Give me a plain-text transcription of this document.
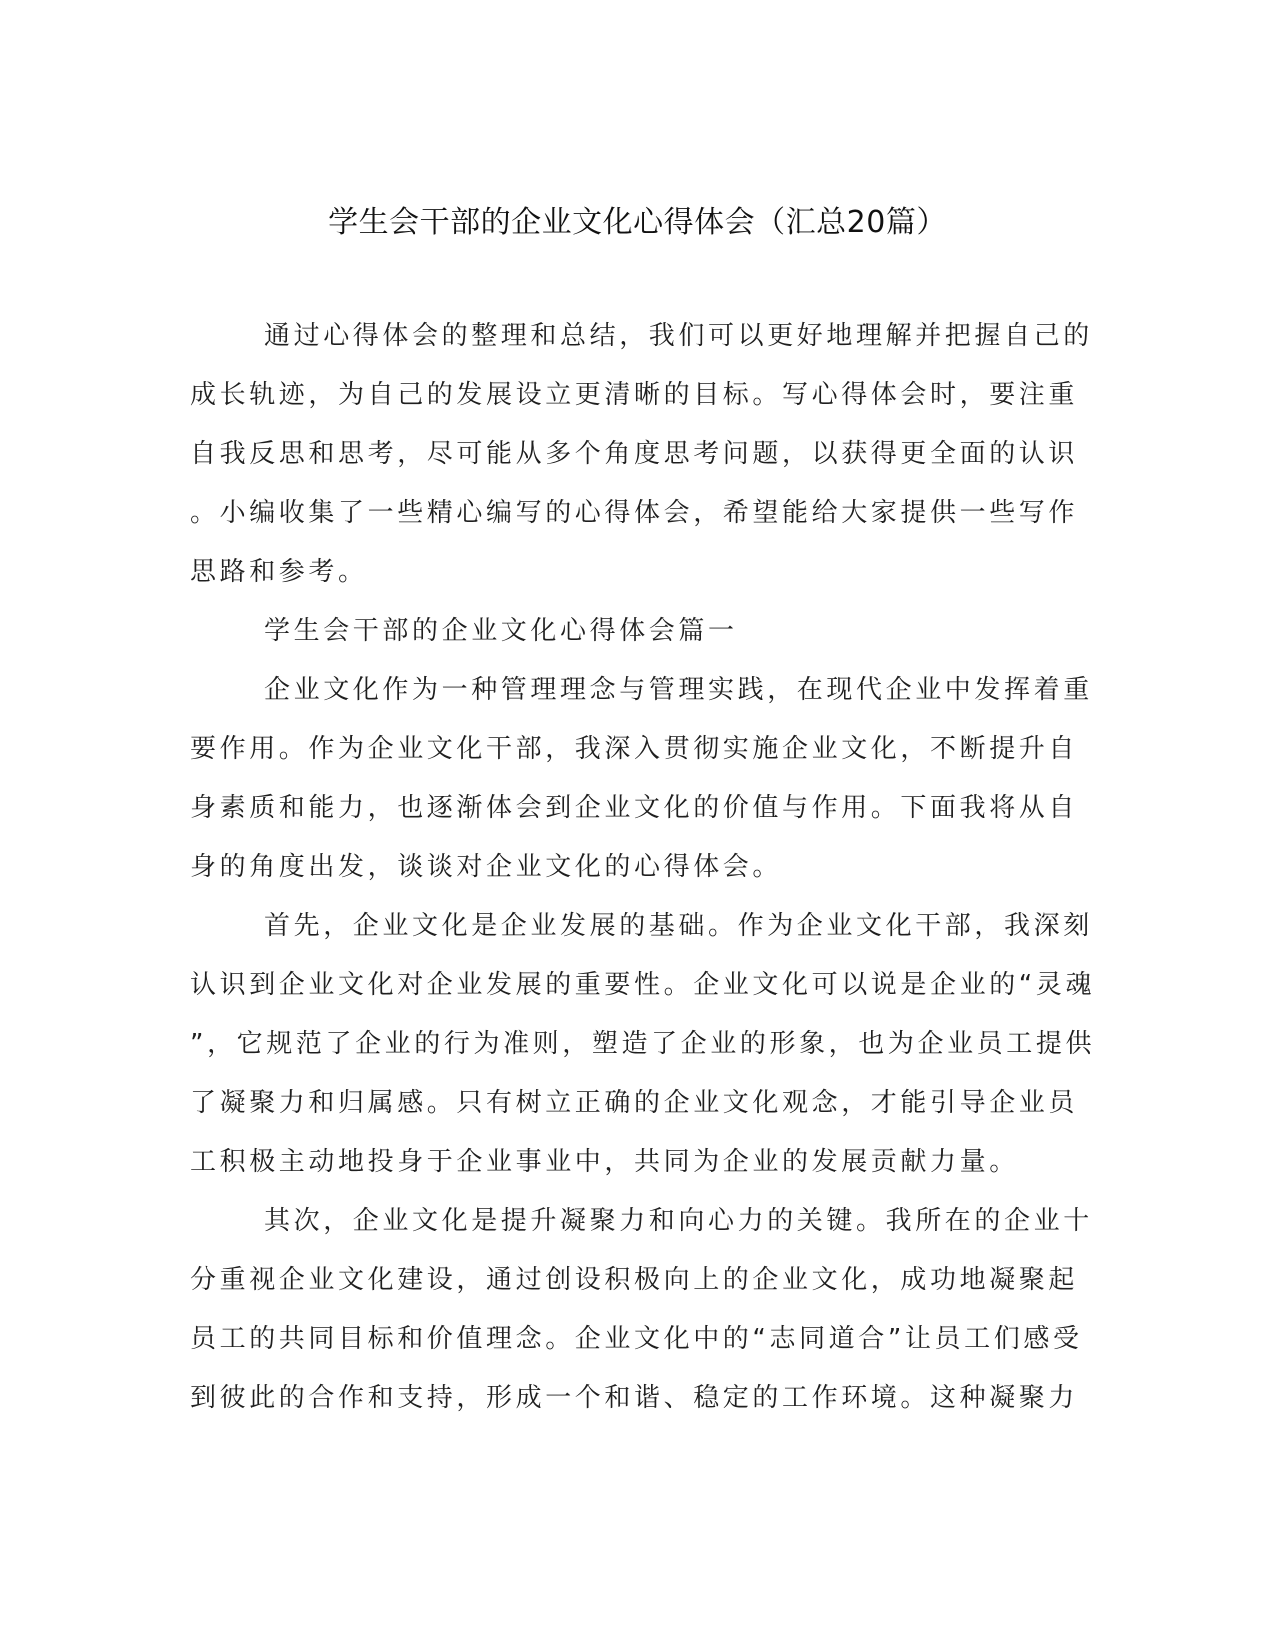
学生会干部的企业文化心得体会（汇总20篇）
通过心得体会的整理和总结，我们可以更好地理解并把握自己的
成长轨迹，为自己的发展设立更清晰的目标。写心得体会时，要注重
自我反思和思考，尽可能从多个角度思考问题，以获得更全面的认识
。小编收集了一些精心编写的心得体会，希望能给大家提供一些写作
思路和参考。
学生会干部的企业文化心得体会篇一
企业文化作为一种管理理念与管理实践，在现代企业中发挥着重
要作用。作为企业文化干部，我深入贯彻实施企业文化，不断提升自
身素质和能力，也逐渐体会到企业文化的价值与作用。下面我将从自
身的角度出发，谈谈对企业文化的心得体会。
首先，企业文化是企业发展的基础。作为企业文化干部，我深刻
认识到企业文化对企业发展的重要性。企业文化可以说是企业的“灵魂
”，它规范了企业的行为准则，塑造了企业的形象，也为企业员工提供
了凝聚力和归属感。只有树立正确的企业文化观念，才能引导企业员
工积极主动地投身于企业事业中，共同为企业的发展贡献力量。
其次，企业文化是提升凝聚力和向心力的关键。我所在的企业十
分重视企业文化建设，通过创设积极向上的企业文化，成功地凝聚起
员工的共同目标和价值理念。企业文化中的“志同道合”让员工们感受
到彼此的合作和支持，形成一个和谐、稳定的工作环境。这种凝聚力
